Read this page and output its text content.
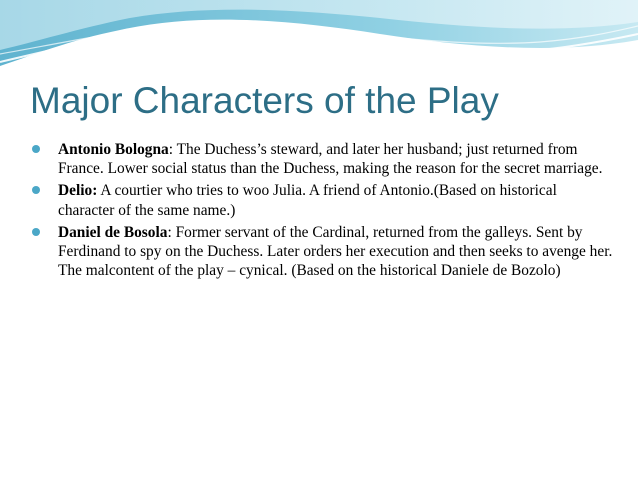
Major Characters of the Play
Antonio Bologna: The Duchess’s steward, and later her husband; just returned from France. Lower social status than the Duchess, making the reason for the secret marriage.
Delio: A courtier who tries to woo Julia. A friend of Antonio.(Based on historical character of the same name.)
Daniel de Bosola: Former servant of the Cardinal, returned from the galleys. Sent by Ferdinand to spy on the Duchess. Later orders her execution and then seeks to avenge her. The malcontent of the play – cynical. (Based on the historical Daniele de Bozolo)
